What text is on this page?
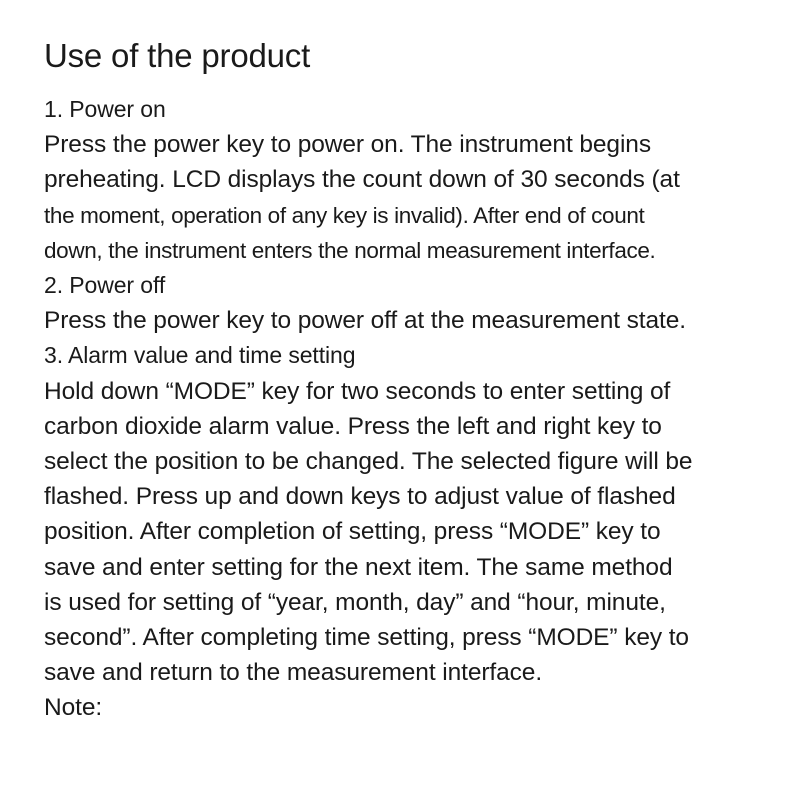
Use of the product

1. Power on

Press the power key to power on. The instrument begins

preheating. LCD displays the count down of 30 seconds (at

the moment, operation of any key is invalid). After end of count

down, the instrument enters the normal measurement interface.

2. Power off

Press the power key to power off at the measurement state.

3. Alarm value and time setting

Hold down “MODE” key for two seconds to enter setting of

carbon dioxide alarm value. Press the left and right key to

select the position to be changed. The selected figure will be

flashed. Press up and down keys to adjust value of flashed

position. After completion of setting, press “MODE” key to

save and enter setting for the next item. The same method

is used for setting of “year, month, day” and “hour, minute,

second”. After completing time setting, press “MODE” key to

save and return to the measurement interface.

Note:
